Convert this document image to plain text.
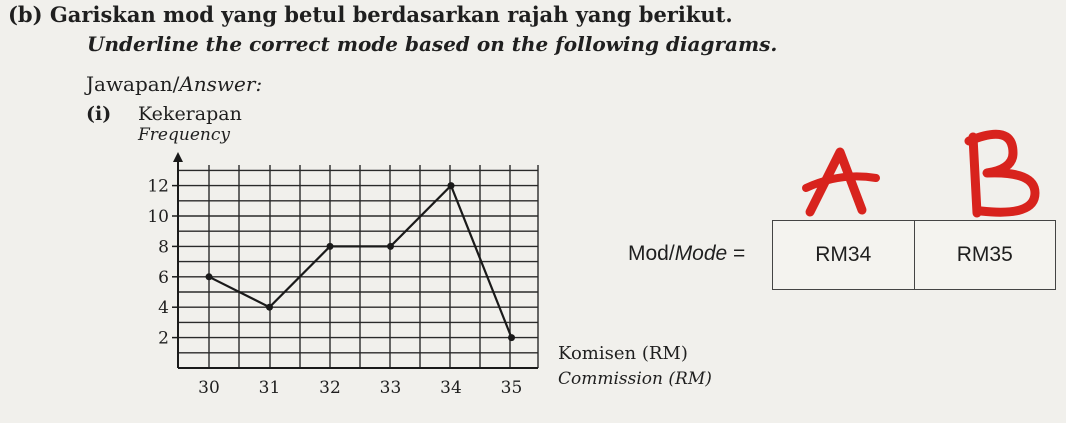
(b) Gariskan mod yang betul berdasarkan rajah yang berikut.
Underline the correct mode based on the following diagrams.
Jawapan/Answer:
(i) Kekerapan
Frequency
2
4
6
8
10
12
30 31 32 33 34 35
Komisen (RM)
Commission (RM)
Mod/Mode =	RM34	RM35
